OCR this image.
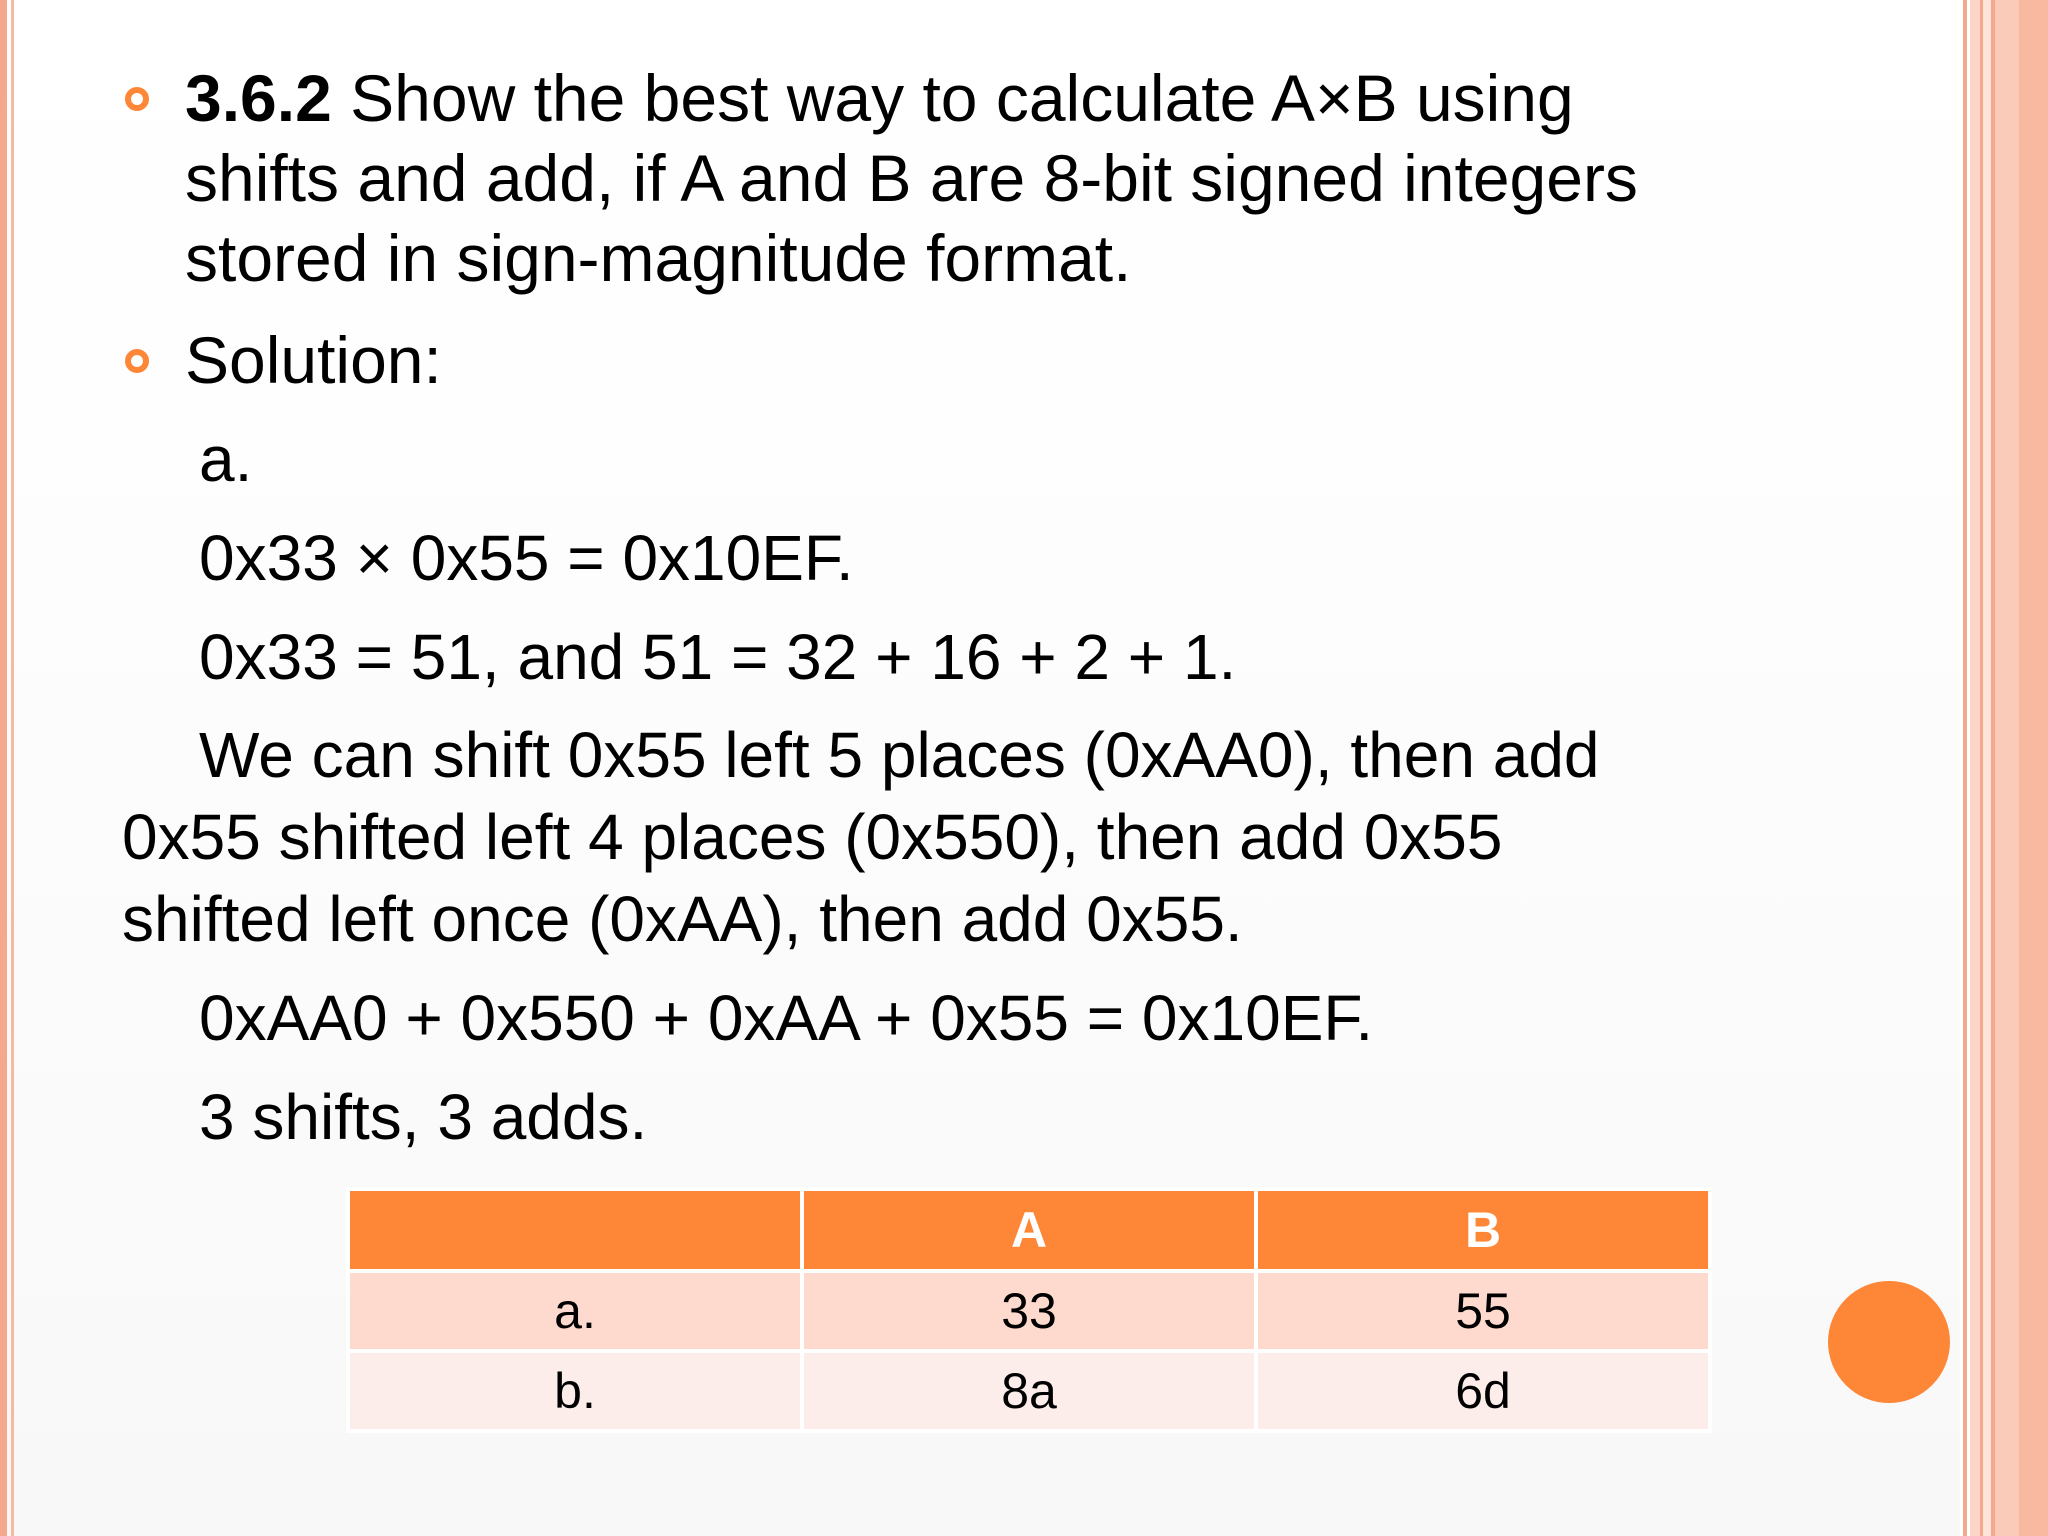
3.6.2 Show the best way to calculate A×B using shifts and add, if A and B are 8-bit signed integers stored in sign-magnitude format.
Solution:
a.
0x33 × 0x55 = 0x10EF.
0x33 = 51, and 51 = 32 + 16 + 2 + 1.
We can shift 0x55 left 5 places (0xAA0), then add 0x55 shifted left 4 places (0x550), then add 0x55 shifted left once (0xAA), then add 0x55.
0xAA0 + 0x550 + 0xAA + 0x55 = 0x10EF.
3 shifts, 3 adds.
	A	B
a.	33	55
b.	8a	6d
